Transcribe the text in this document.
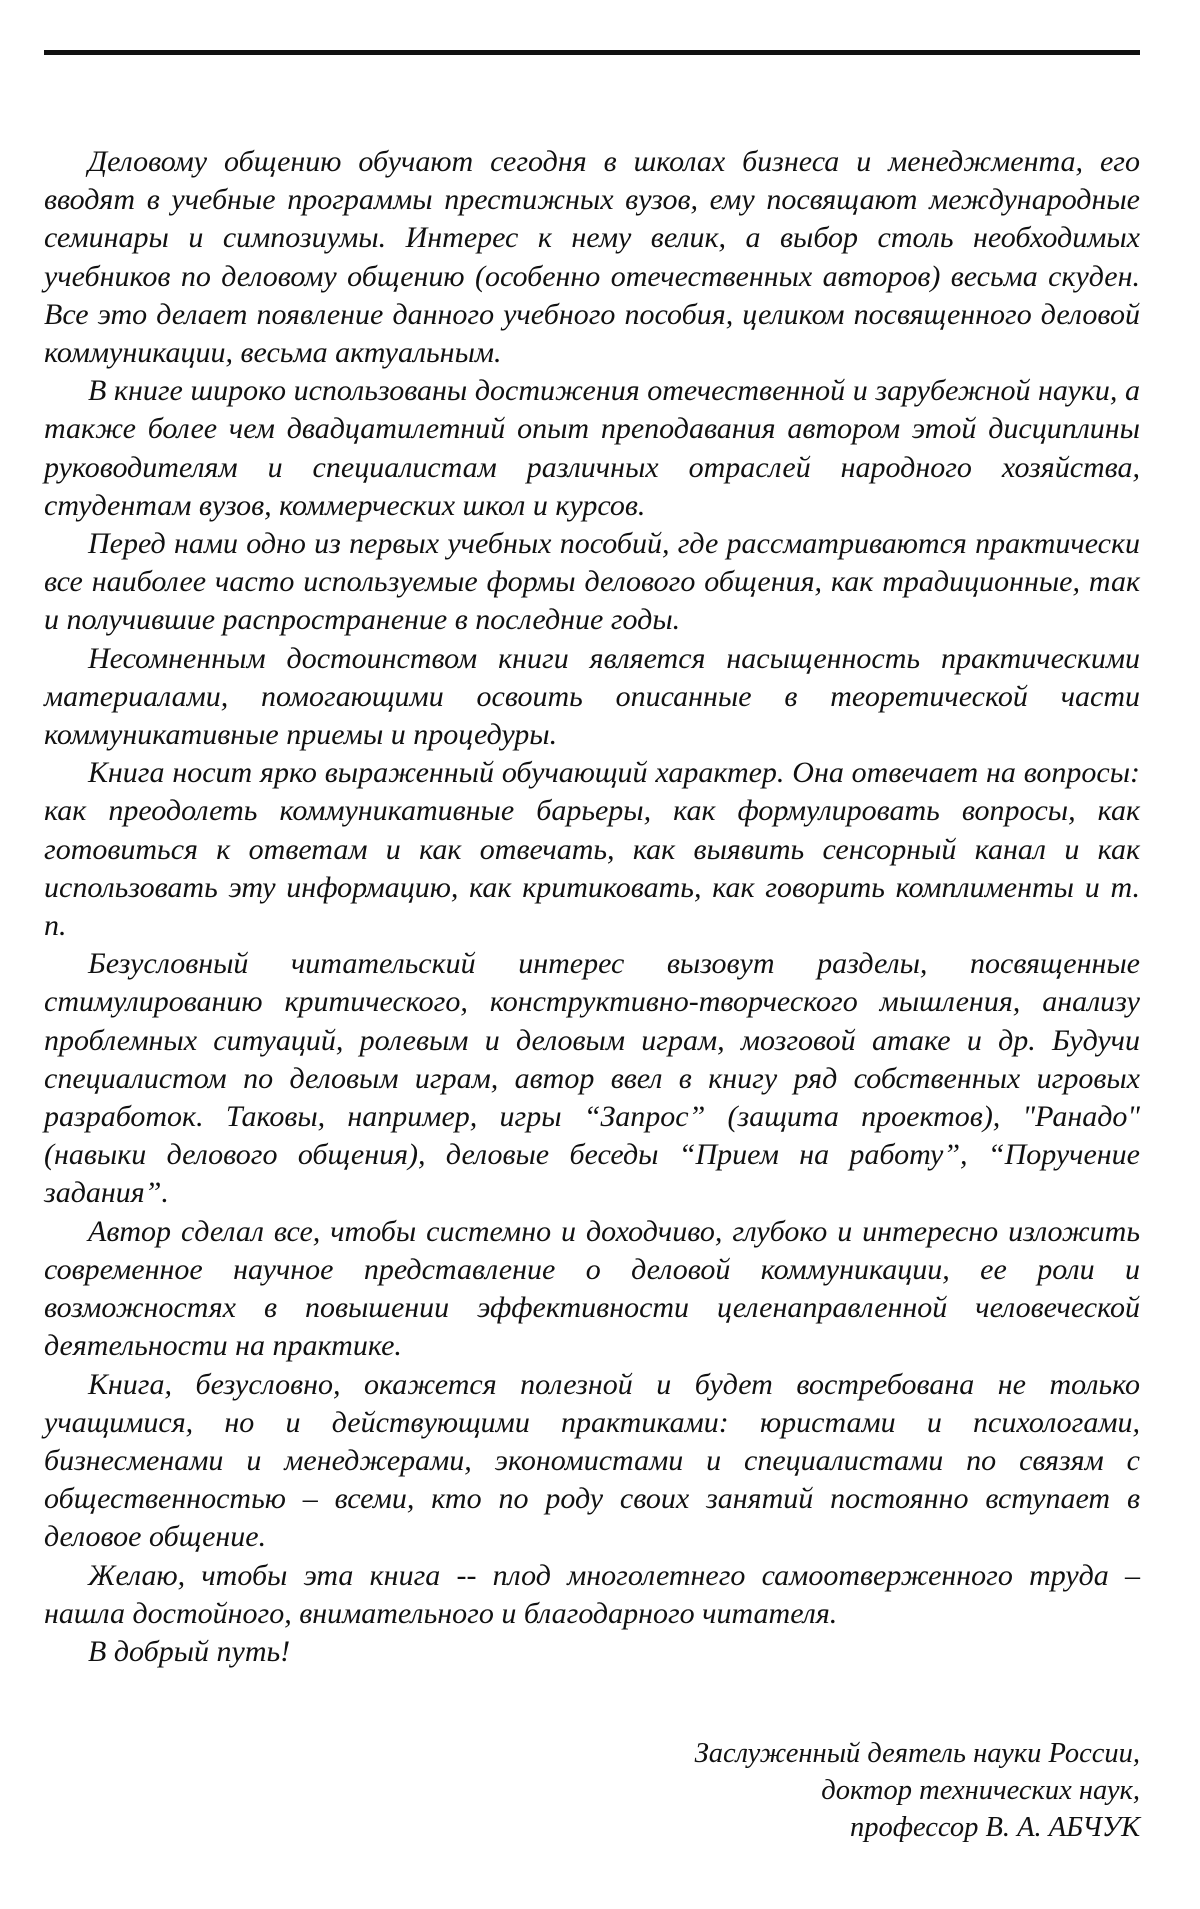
Деловому общению обучают сегодня в школах бизнеса и менеджмента, его вводят в учебные программы престижных вузов, ему посвящают международные семинары и симпозиумы. Интерес к нему велик, а выбор столь необходимых учебников по деловому общению (особенно отечественных авторов) весьма скуден. Все это делает появление данного учебного пособия, целиком посвященного деловой коммуникации, весьма актуальным.

В книге широко использованы достижения отечественной и зарубежной науки, а также более чем двадцатилетний опыт преподавания автором этой дисциплины руководителям и специалистам различных отраслей народного хозяйства, студентам вузов, коммерческих школ и курсов.

Перед нами одно из первых учебных пособий, где рассматриваются практически все наиболее часто используемые формы делового общения, как традиционные, так и получившие распространение в последние годы.

Несомненным достоинством книги является насыщенность практическими материалами, помогающими освоить описанные в теоретической части коммуникативные приемы и процедуры.

Книга носит ярко выраженный обучающий характер. Она отвечает на вопросы: как преодолеть коммуникативные барьеры, как формулировать вопросы, как готовиться к ответам и как отвечать, как выявить сенсорный канал и как использовать эту информацию, как критиковать, как говорить комплименты и т. п.

Безусловный читательский интерес вызовут разделы, посвященные стимулированию критического, конструктивно-творческого мышления, анализу проблемных ситуаций, ролевым и деловым играм, мозговой атаке и др. Будучи специалистом по деловым играм, автор ввел в книгу ряд собственных игровых разработок. Таковы, например, игры “Запрос” (защита проектов), "Ранадо" (навыки делового общения), деловые беседы “Прием на работу”, “Поручение задания”.

Автор сделал все, чтобы системно и доходчиво, глубоко и интересно изложить современное научное представление о деловой коммуникации, ее роли и возможностях в повышении эффективности целенаправленной человеческой деятельности на практике.

Книга, безусловно, окажется полезной и будет востребована не только учащимися, но и действующими практиками: юристами и психологами, бизнесменами и менеджерами, экономистами и специалистами по связям с общественностью – всеми, кто по роду своих занятий постоянно вступает в деловое общение.

Желаю, чтобы эта книга -- плод многолетнего самоотверженного труда – нашла достойного, внимательного и благодарного читателя.

В добрый путь!

Заслуженный деятель науки России,
доктор технических наук,
профессор В. А. АБЧУК
